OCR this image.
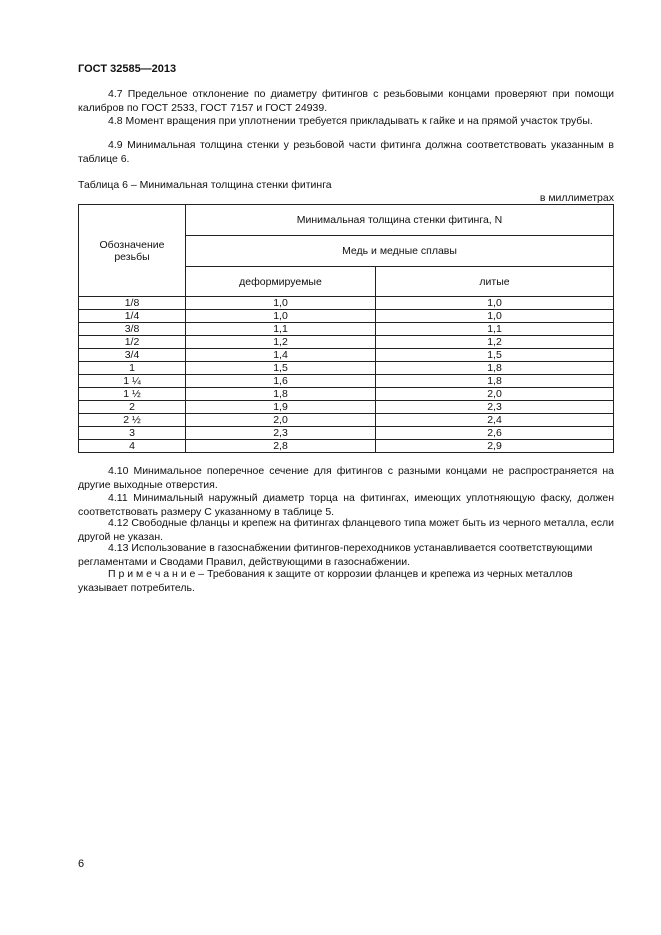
ГОСТ 32585—2013

4.7 Предельное отклонение по диаметру фитингов с резьбовыми концами проверяют при помощи калибров по ГОСТ 2533, ГОСТ 7157 и ГОСТ 24939.

4.8 Момент вращения при уплотнении требуется прикладывать к гайке и на прямой участок трубы.

4.9 Минимальная толщина стенки у резьбовой части фитинга должна соответствовать указанным в таблице 6.

Таблица 6 – Минимальная толщина стенки фитинга
в миллиметрах
Обозначение резьбы	Минимальная толщина стенки фитинга, N	
	Медь и медные сплавы	
	деформируемые	литые
1/8	1,0	1,0
1/4	1,0	1,0
3/8	1,1	1,1
1/2	1,2	1,2
3/4	1,4	1,5
1	1,5	1,8
1 ¼	1,6	1,8
1 ½	1,8	2,0
2	1,9	2,3
2 ½	2,0	2,4
3	2,3	2,6
4	2,8	2,9

4.10 Минимальное поперечное сечение для фитингов с разными концами не распространяется на другие выходные отверстия.

4.11 Минимальный наружный диаметр торца на фитингах, имеющих уплотняющую фаску, должен соответствовать размеру С указанному в таблице 5.

4.12 Свободные фланцы и крепеж на фитингах фланцевого типа может быть из черного металла, если другой не указан.

4.13 Использование в газоснабжении фитингов-переходников устанавливается соответствующими регламентами и Сводами Правил, действующими в газоснабжении.

П р и м е ч а н и е – Требования к защите от коррозии фланцев и крепежа из черных металлов указывает потребитель.

6
